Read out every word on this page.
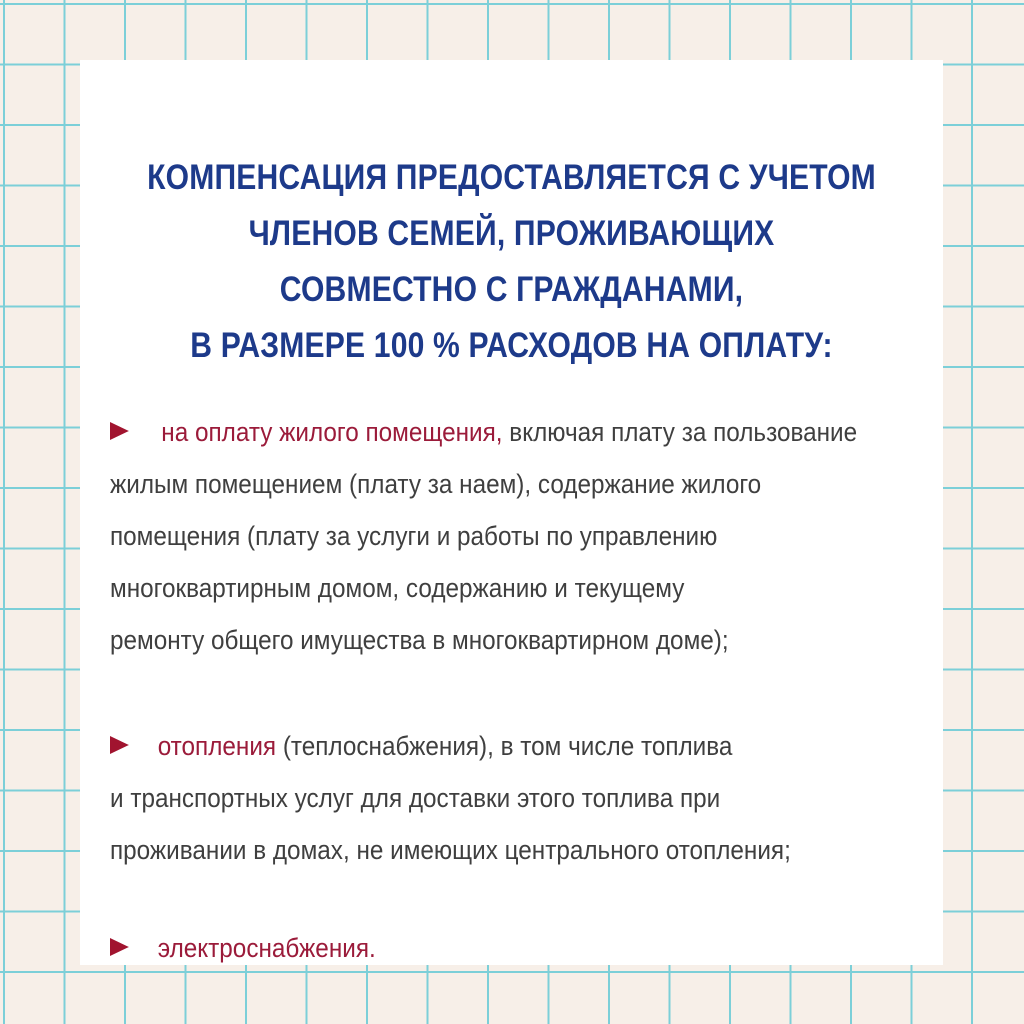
КОМПЕНСАЦИЯ ПРЕДОСТАВЛЯЕТСЯ С УЧЕТОМ
ЧЛЕНОВ СЕМЕЙ, ПРОЖИВАЮЩИХ
СОВМЕСТНО С ГРАЖДАНАМИ,
В РАЗМЕРЕ 100 % РАСХОДОВ НА ОПЛАТУ:
на оплату жилого помещения, включая плату за пользование
жилым помещением (плату за наем), содержание жилого
помещения (плату за услуги и работы по управлению
многоквартирным домом, содержанию и текущему
ремонту общего имущества в многоквартирном доме);
отопления (теплоснабжения), в том числе топлива
и транспортных услуг для доставки этого топлива при
проживании в домах, не имеющих центрального отопления;
электроснабжения.
